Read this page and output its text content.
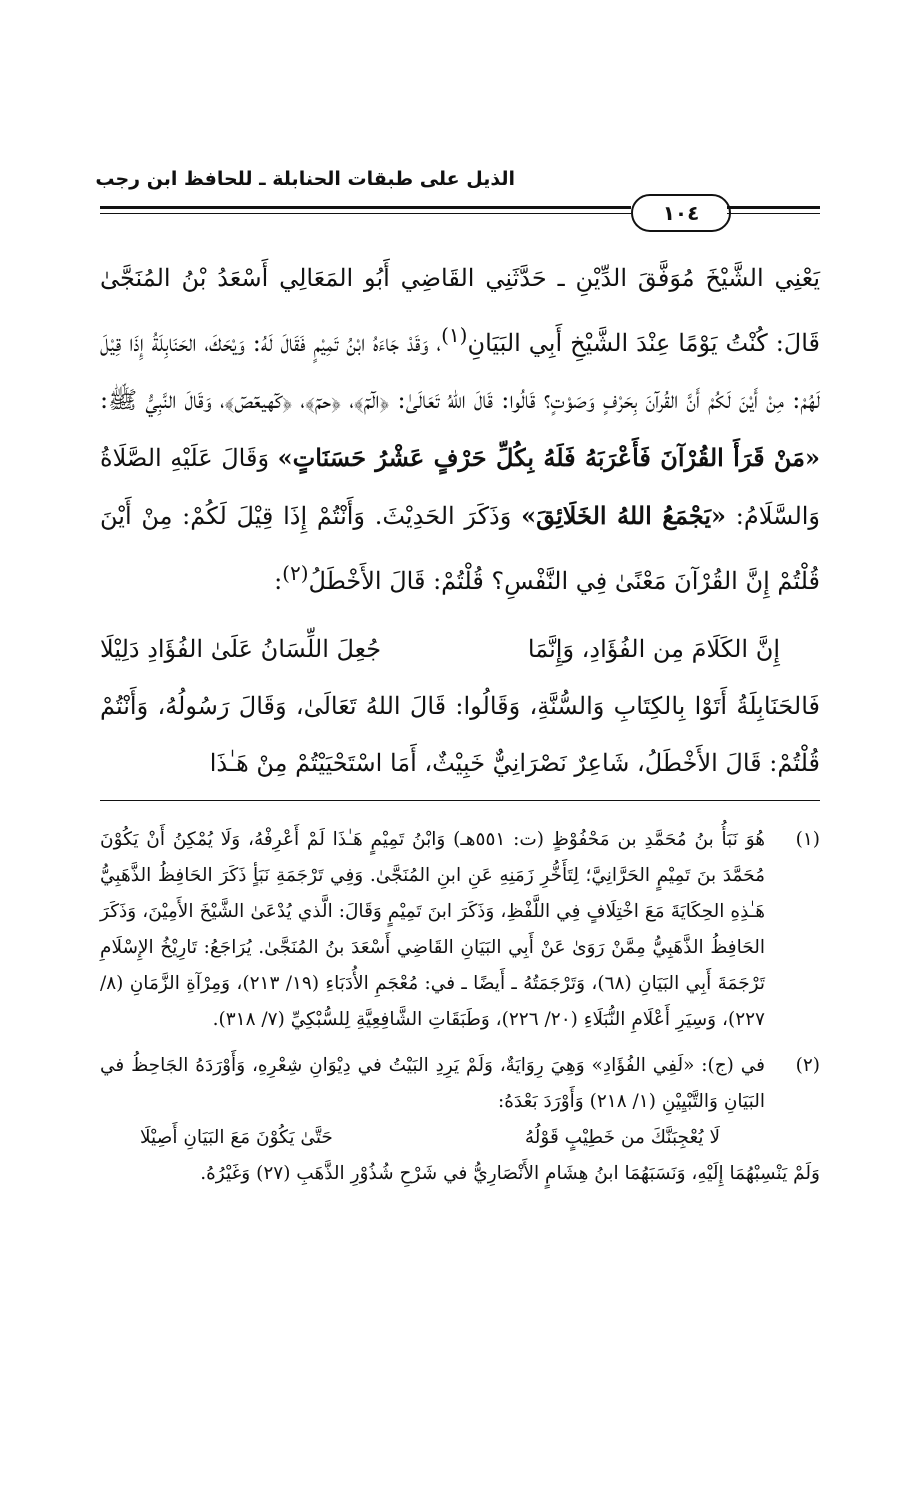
الذيل على طبقات الحنابلة ـ للحافظ ابن رجب
١٠٤

يَعْنِي الشَّيْخَ مُوَفَّقَ الدِّيْنِ ـ حَدَّثَنِي القَاضِي أَبُو المَعَالِي أَسْعَدُ بْنُ المُنَجَّىٰ قَالَ: كُنْتُ يَوْمًا عِنْدَ الشَّيْخِ أَبِي البَيَانِ$^{(١)}$، وَقَدْ جَاءَهُ ابْنُ تَمِيْمٍ فَقَالَ لَهُ: وَيْحَكَ، الحَنَابِلَةُ إِذَا قِيْلَ لَهُمْ: مِنْ أَيْنَ لَكُمْ أَنَّ القُرآنَ بِحَرْفٍ وَصَوْتٍ؟ قَالُوا: قَالَ اللهُ تَعَالَىٰ: ﴿الٓمٓ﴾، ﴿حمٓ﴾، ﴿كٓهيعٓصٓ﴾، وَقَالَ النَّبِيُّ ﷺ: «مَنْ قَرَأَ القُرْآنَ فَأَعْرَبَهُ فَلَهُ بِكُلِّ حَرْفٍ عَشْرُ حَسَنَاتٍ» وَقَالَ عَلَيْهِ الصَّلَاةُ وَالسَّلَامُ: «يَجْمَعُ اللهُ الخَلَائِقَ» وَذَكَرَ الحَدِيْثَ. وَأَنْتُمْ إِذَا قِيْلَ لَكُمْ: مِنْ أَيْنَ قُلْتُمْ إِنَّ القُرْآنَ مَعْنًىٰ فِي النَّفْسِ؟ قُلْتُمْ: قَالَ الأَخْطَلُ$^{(٢)}$:

إِنَّ الكَلَامَ مِن الفُؤَادِ، وَإِنَّمَا
جُعِلَ اللِّسَانُ عَلَىٰ الفُؤَادِ دَلِيْلَا

فَالحَنَابِلَةُ أَتَوْا بِالكِتَابِ وَالسُّنَّةِ، وَقَالُوا: قَالَ اللهُ تَعَالَىٰ، وَقَالَ رَسُولُهُ، وَأَنْتُمْ قُلْتُمْ: قَالَ الأَخْطَلُ، شَاعِرٌ نَصْرَانِيٌّ خَبِيْثٌ، أَمَا اسْتَحْيَيْتُمْ مِنْ هَـٰذَا

(١)
هُوَ نَبَأُ بنُ مُحَمَّدِ بن مَحْفُوْظٍ (ت: ٥٥١هـ) وَابْنُ تَمِيْمٍ هَـٰذَا لَمْ أَعْرِفْهُ، وَلَا يُمْكِنُ أَنْ يَكُوْنَ مُحَمَّدَ بنَ تَمِيْمٍ الحَرَّانِيَّ؛ لِتَأَخُّرِ زَمَنِهِ عَنِ ابنِ المُنَجَّىٰ. وَفِي تَرْجَمَةِ نَبَأٍ ذَكَرَ الحَافِظُ الذَّهَبِيُّ هَـٰذِهِ الحِكَايَةَ مَعَ اخْتِلَافٍ فِي اللَّفْظِ، وَذَكَرَ ابنَ تَمِيْمٍ وَقَالَ: الَّذي يُدْعَىٰ الشَّيْخَ الأَمِيْنَ، وَذَكَرَ الحَافِظُ الذَّهَبِيُّ مِمَّنْ رَوَىٰ عَنْ أَبِي البَيَانِ القَاضِي أَسْعَدَ بنُ المُنَجَّىٰ. يُرَاجَعُ: تَارِيْخُ الإِسْلَامِ تَرْجَمَةَ أَبِي البَيَانِ (٦٨)، وَتَرْجَمَتُهُ ـ أَيضًا ـ في: مُعْجَمِ الأُدَبَاءِ (١٩/ ٢١٣)، وَمِرْآةِ الزَّمَانِ (٨/ ٢٢٧)، وَسِيَرِ أَعْلَامِ النُّبَلَاءِ (٢٠/ ٢٢٦)، وَطَبَقَاتِ الشَّافِعِيَّةِ لِلسُّبْكِيِّ (٧/ ٣١٨).
(٢)
في (ج): «لَفِي الفُؤَادِ» وَهِيَ رِوَايَةٌ، وَلَمْ يَرِدِ البَيْتُ في دِيْوَانِ شِعْرِهِ، وَأَوْرَدَهُ الجَاحِظُ في البَيَانِ وَالتَّبْيِيْنِ (١/ ٢١٨) وَأَوْرَدَ بَعْدَهُ:
لَا يُعْجِبَنَّكَ من خَطِيْبٍ قَوْلُهُ
حَتَّىٰ يَكُوْنَ مَعَ البَيَانِ أَصِيْلَا
وَلَمْ يَنْسِبْهُمَا إِلَيْهِ، وَنَسَبَهُمَا ابنُ هِشَامٍ الأَنْصَارِيُّ في شَرْحِ شُذُوْرِ الذَّهَبِ (٢٧) وَغَيْرُهُ.
